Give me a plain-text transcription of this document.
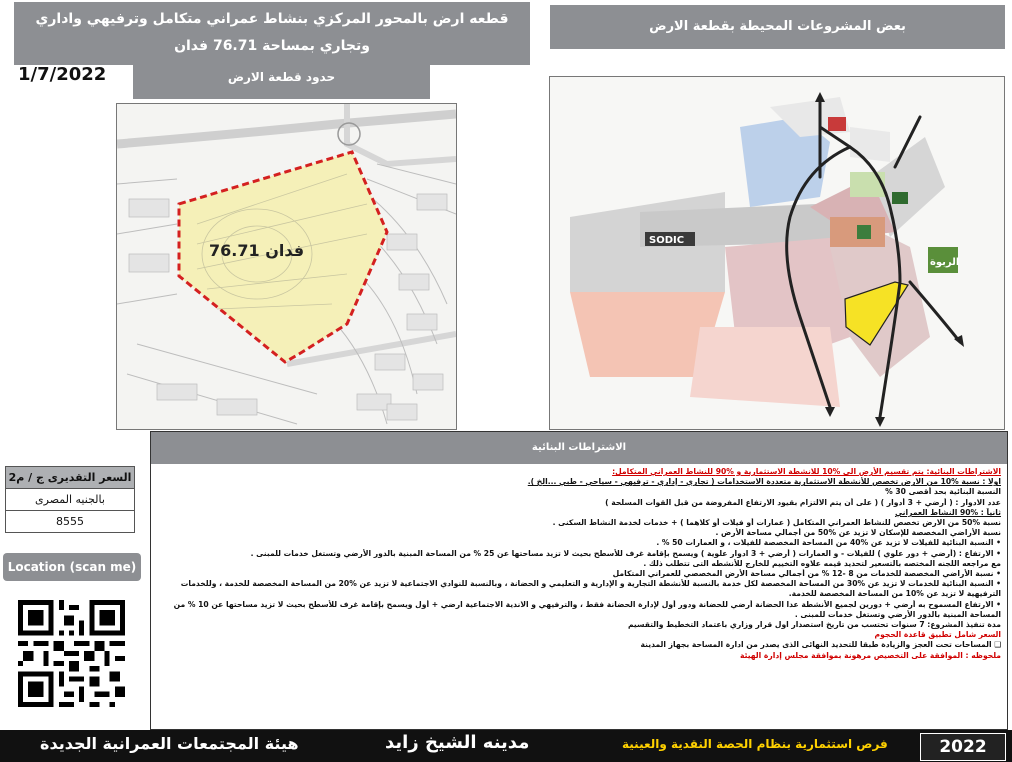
قطعه ارض بالمحور المركزي بنشاط عمراني متكامل وترفيهي واداري
وتجاري بمساحة 76.71 فدان
حدود قطعة الارض
بعض المشروعات المحيطة بقطعة الارض
1/7/2022
76.71 فدان
SODIC
الربوة
السعر التقديرى ج / م2
بالجنيه المصرى
8555
Location (scan me)
الاشتراطات البنائية
الاشتراطات البنائية: يتم تقسيم الأرض الى %10 للانشطة الاستثمارية و %90 للنشاط العمراني المتكامل:
اولا : نسبة %10 من الارض تخصص للأنشطة الاستثمارية متعددة الاستخدامات ( تجاري - إداري - ترفيهي - سياحي - طبي ...الخ ).
النسبة البنائية بحد أقصى 30 %
عدد الادوار : ( أرضي + 3 أدوار ) ( على أن يتم الالتزام بقيود الارتفاع المفروضة من قبل القوات المسلحة )
ثانياً : %90 النشاط العمراني
نسبة %50 من الارض تخصص للنشاط العمراني المتكامل ( عمارات أو فيلات أو كلاهما ) + خدمات لخدمة النشاط السكنى .
نسبة الأراضي المخصصة للإسكان لا تزيد عن %50 من أجمالي مساحة الأرض .
• النسبة البنائية للفيلات لا تزيد عن %40 من المساحة المخصصة للفيلات ، و العمارات 50 % .
• الارتفاع : (أرضي + دور علوي ) للفيلات - و العمارات ( أرضي + 3 ادوار علوية ) ويسمح بإقامة غرف للأسطح بحيث لا تزيد مساحتها عن 25 % من المساحة المبنية بالدور الأرضي وتستغل خدمات للمبنى .
مع مراجعه اللجنه المختصه بالتسعير لتحديد قيمه علاوه التخييم للخارج للأنشطه التى تتطلب ذلك .
• نسبة الأراضي المخصصة للخدمات من 8 -12 % من أجمالي مساحة الأرض المخصصي للعمراني المتكامل
• النسبة البنائية للخدمات لا تزيد عن %30 من المساحة المخصصة لكل خدمة بالنسبة للأنشطة التجارية و الإدارية و التعليمي و الحضانة ، وبالنسبة للنوادي الاجتماعية لا تزيد عن %20 من المساحة المخصصة للخدمة ، وللخدمات
الترفيهية لا تزيد عن %10 من المساحة المخصصة للخدمة.
• الارتفاع المسموح به أرضي + دورين لجميع الأنشطة عدا الحضانة أرضي للحضانة ودور أول لإدارة الحضانة فقط ، والترفيهي و الاندية الاجتماعية ارضي + أول ويسمح بإقامة غرف للأسطح بحيث لا تزيد مساحتها عن 10 % من
المساحة المبنية بالدور الأرضي وتستغل خدمات للمبنى .
مدة تنفيذ المشروع: 7 سنوات تحتسب من تاريخ استصدار اول قرار وزاري باعتماد التخطيط والتقسيم
السعر شامل تطبيق قاعدة الحجوم
❑ المساحات تحت العجز والزيادة طبقا للتحديد النهائى الذى يصدر من ادارة المساحة بجهاز المدينة
ملحوظه : الموافقة على التخصيص مرهونة بموافقة مجلس إدارة الهيئة
هيئة المجتمعات العمرانية الجديدة	مدينه الشيخ زايد	فرص استثمارية بنظام الحصة النقدية والعينية	2022
